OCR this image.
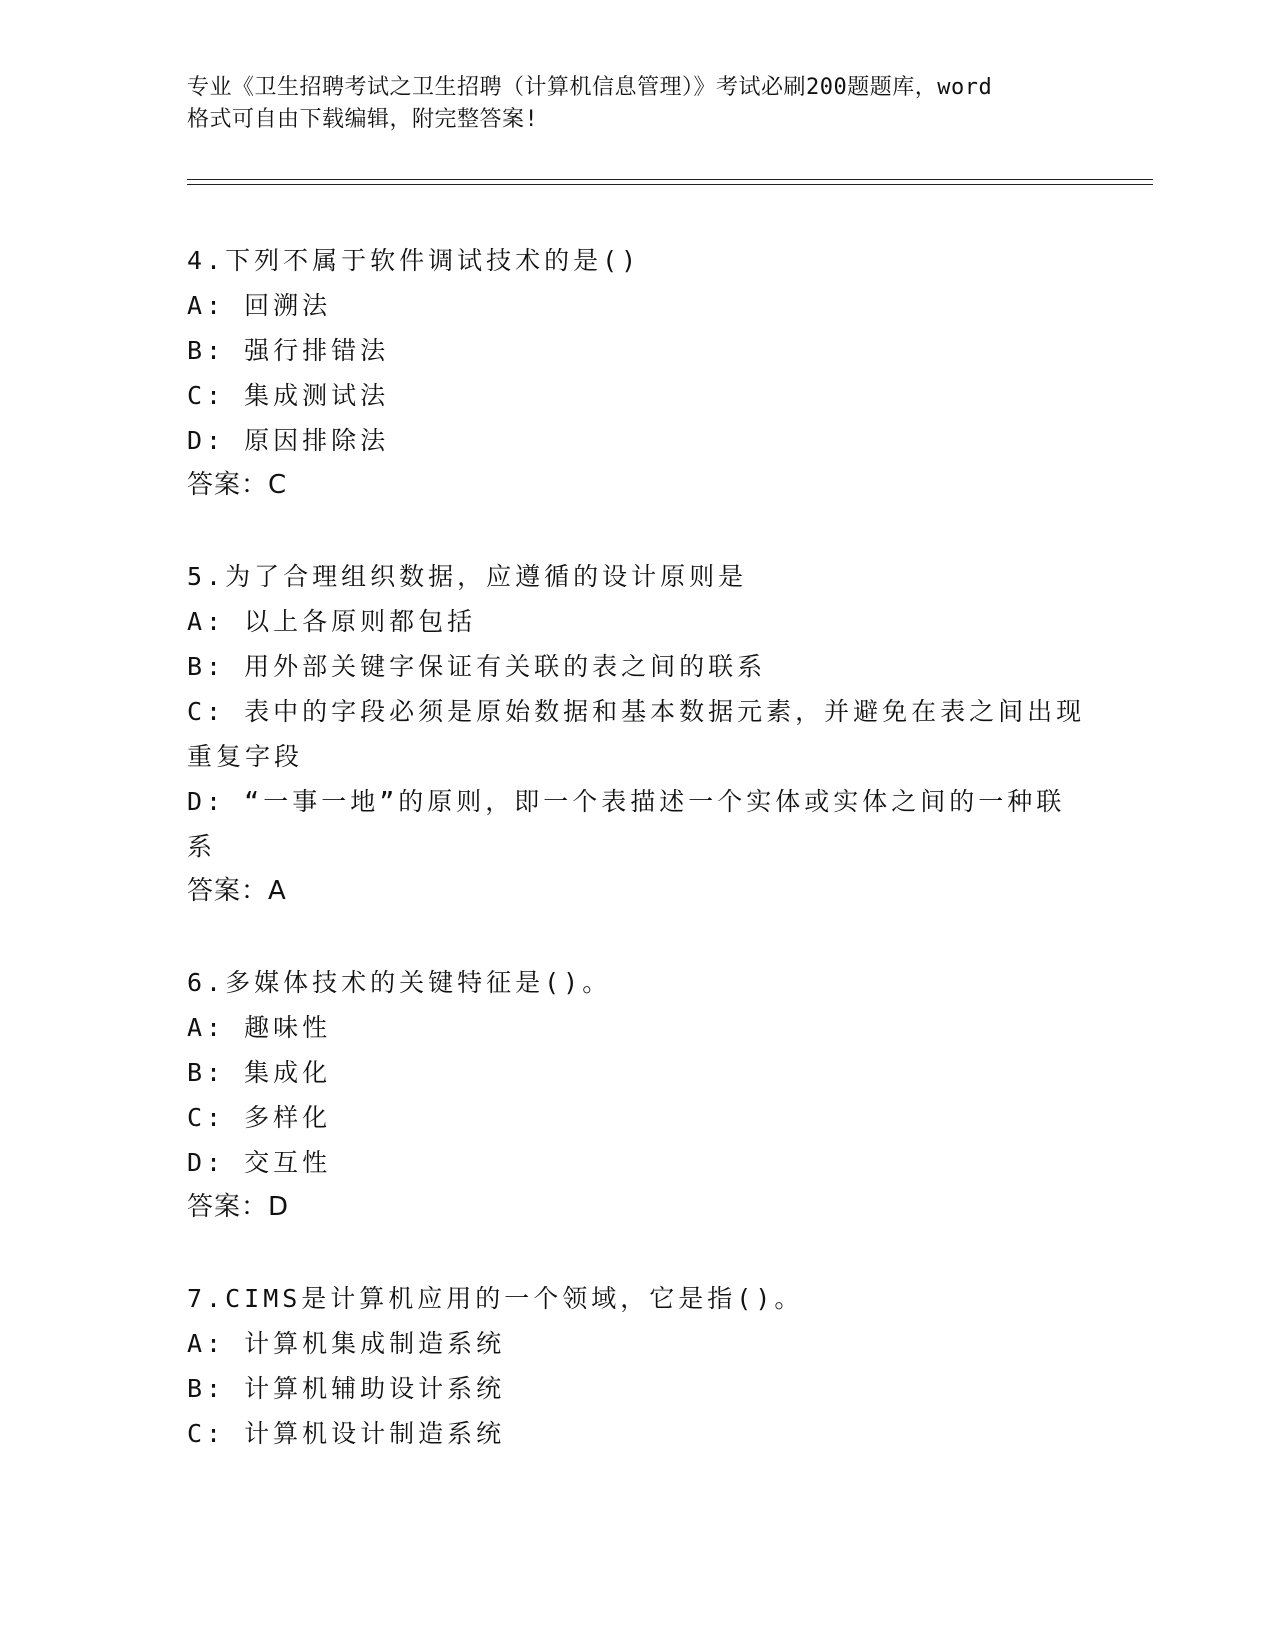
专业《卫生招聘考试之卫生招聘（计算机信息管理）》考试必刷200题题库，word
格式可自由下载编辑，附完整答案!
4.下列不属于软件调试技术的是()
A: 回溯法
B: 强行排错法
C: 集成测试法
D: 原因排除法
答案：C
5.为了合理组织数据，应遵循的设计原则是
A: 以上各原则都包括
B: 用外部关键字保证有关联的表之间的联系
C: 表中的字段必须是原始数据和基本数据元素，并避免在表之间出现重复字段
D: “一事一地”的原则，即一个表描述一个实体或实体之间的一种联系
答案：A
6.多媒体技术的关键特征是()。
A: 趣味性
B: 集成化
C: 多样化
D: 交互性
答案：D
7.CIMS是计算机应用的一个领域，它是指()。
A: 计算机集成制造系统
B: 计算机辅助设计系统
C: 计算机设计制造系统
